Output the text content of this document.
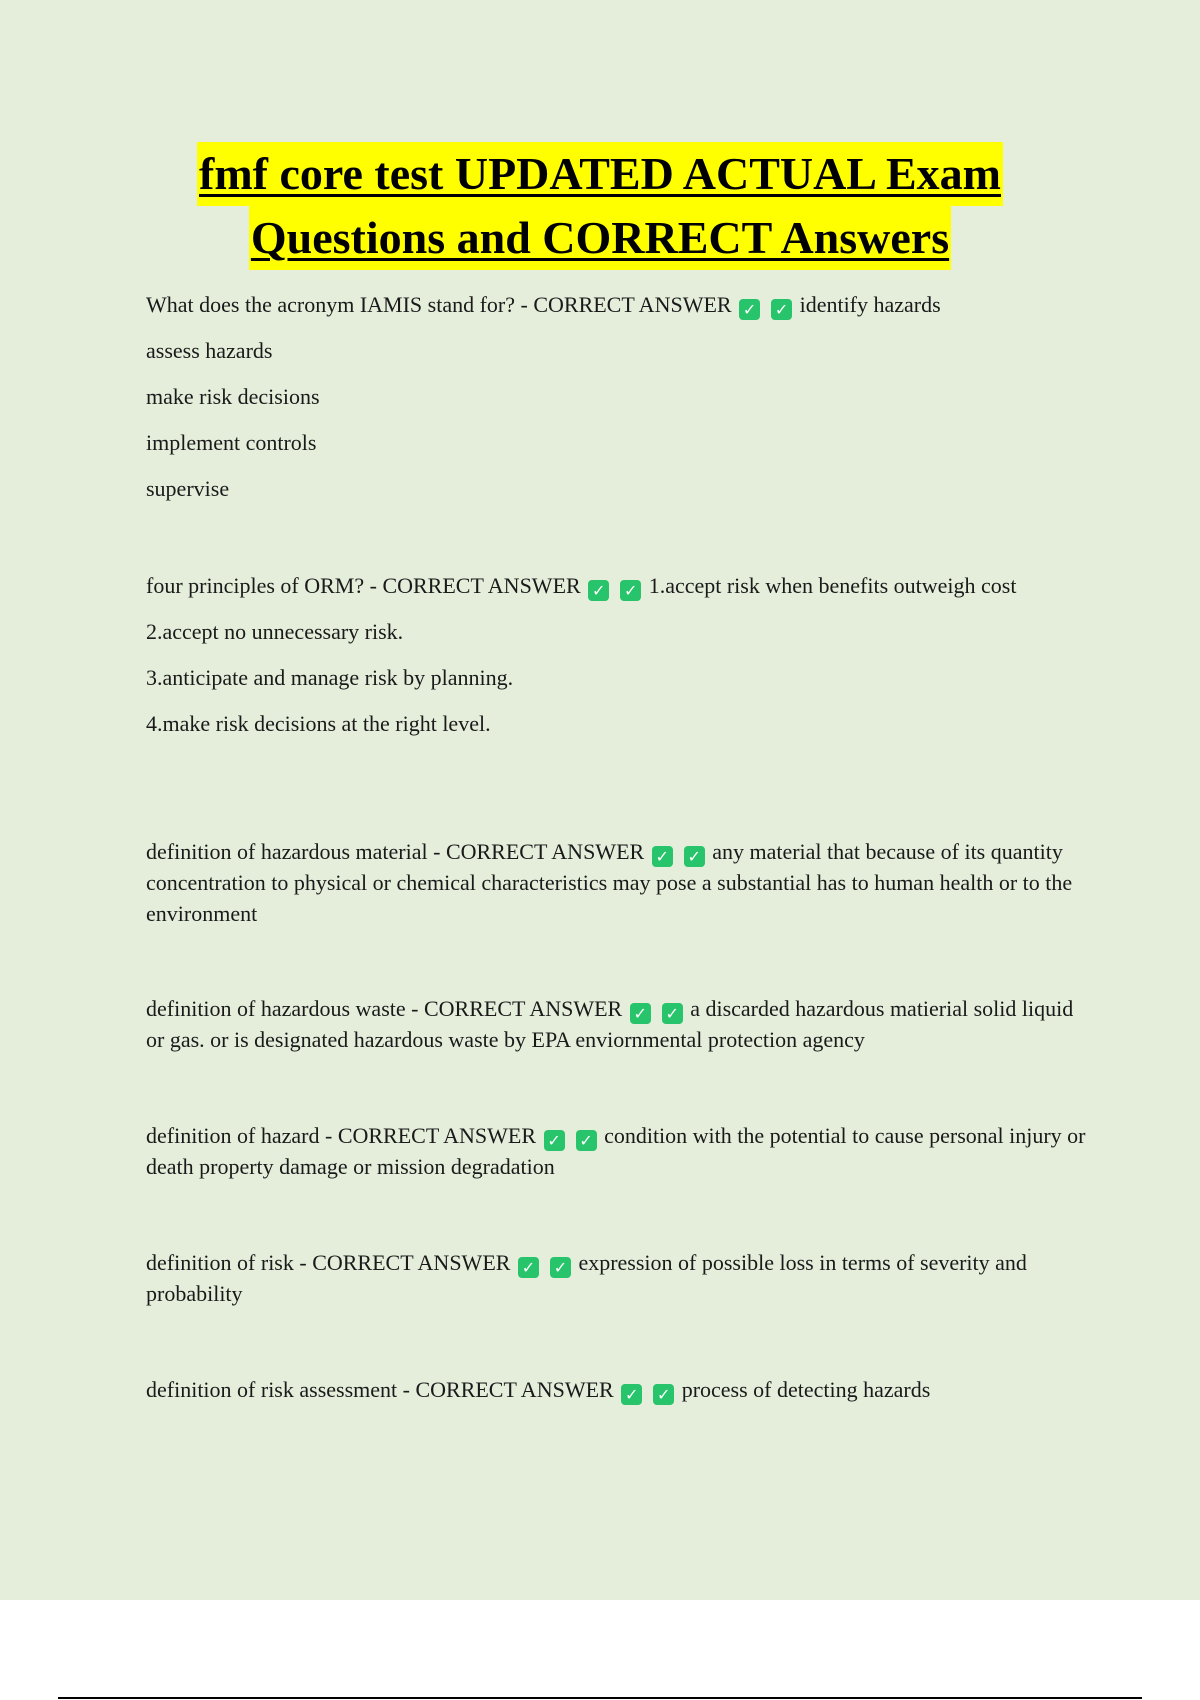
fmf core test UPDATED ACTUAL Exam
Questions and CORRECT Answers

What does the acronym IAMIS stand for? - CORRECT ANSWER ✓ ✓ identify hazards

assess hazards

make risk decisions

implement controls

supervise

four principles of ORM? - CORRECT ANSWER ✓ ✓ 1.accept risk when benefits outweigh cost

2.accept no unnecessary risk.

3.anticipate and manage risk by planning.

4.make risk decisions at the right level.

definition of hazardous material - CORRECT ANSWER ✓ ✓ any material that because of its quantity concentration to physical or chemical characteristics may pose a substantial has to human health or to the environment

definition of hazardous waste - CORRECT ANSWER ✓ ✓ a discarded hazardous matierial solid liquid or gas. or is designated hazardous waste by EPA enviornmental protection agency

definition of hazard - CORRECT ANSWER ✓ ✓ condition with the potential to cause personal injury or death property damage or mission degradation

definition of risk - CORRECT ANSWER ✓ ✓ expression of possible loss in terms of severity and probability

definition of risk assessment - CORRECT ANSWER ✓ ✓ process of detecting hazards
